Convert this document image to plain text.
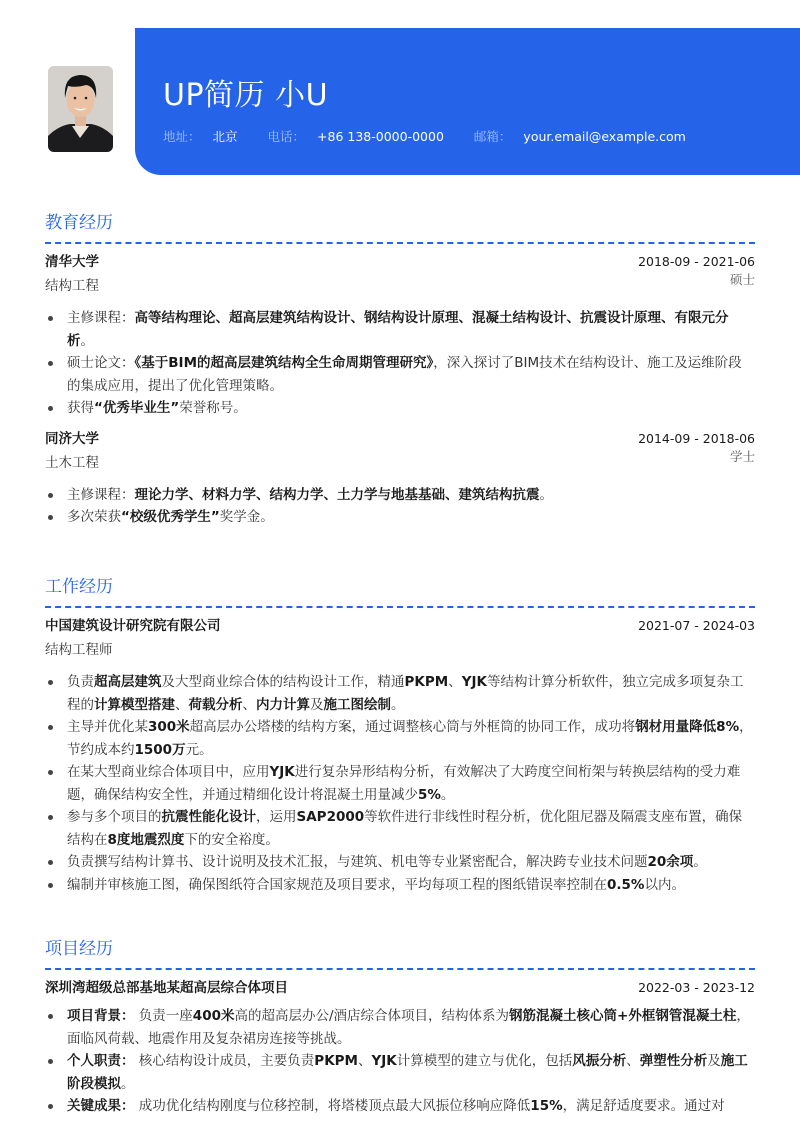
UP简历 小U
地址： 北京 电话： +86 138-0000-0000 邮箱： your.email@example.com
教育经历
清华大学	2018-09 - 2021-06
结构工程	硕士
主修课程：高等结构理论、超高层建筑结构设计、钢结构设计原理、混凝土结构设计、抗震设计原理、有限元分析。
硕士论文：《基于BIM的超高层建筑结构全生命周期管理研究》，深入探讨了BIM技术在结构设计、施工及运维阶段的集成应用，提出了优化管理策略。
获得“优秀毕业生”荣誉称号。
同济大学	2014-09 - 2018-06
土木工程	学士
主修课程：理论力学、材料力学、结构力学、土力学与地基基础、建筑结构抗震。
多次荣获“校级优秀学生”奖学金。
工作经历
中国建筑设计研究院有限公司	2021-07 - 2024-03
结构工程师
负责超高层建筑及大型商业综合体的结构设计工作，精通PKPM、YJK等结构计算分析软件，独立完成多项复杂工程的计算模型搭建、荷载分析、内力计算及施工图绘制。
主导并优化某300米超高层办公塔楼的结构方案，通过调整核心筒与外框筒的协同工作，成功将钢材用量降低8%，节约成本约1500万元。
在某大型商业综合体项目中，应用YJK进行复杂异形结构分析，有效解决了大跨度空间桁架与转换层结构的受力难题，确保结构安全性，并通过精细化设计将混凝土用量减少5%。
参与多个项目的抗震性能化设计，运用SAP2000等软件进行非线性时程分析，优化阻尼器及隔震支座布置，确保结构在8度地震烈度下的安全裕度。
负责撰写结构计算书、设计说明及技术汇报，与建筑、机电等专业紧密配合，解决跨专业技术问题20余项。
编制并审核施工图，确保图纸符合国家规范及项目要求，平均每项工程的图纸错误率控制在0.5%以内。
项目经历
深圳湾超级总部基地某超高层综合体项目	2022-03 - 2023-12
项目背景： 负责一座400米高的超高层办公/酒店综合体项目，结构体系为钢筋混凝土核心筒+外框钢管混凝土柱，面临风荷载、地震作用及复杂裙房连接等挑战。
个人职责： 核心结构设计成员，主要负责PKPM、YJK计算模型的建立与优化，包括风振分析、弹塑性分析及施工阶段模拟。
关键成果： 成功优化结构刚度与位移控制，将塔楼顶点最大风振位移响应降低15%，满足舒适度要求。通过对
